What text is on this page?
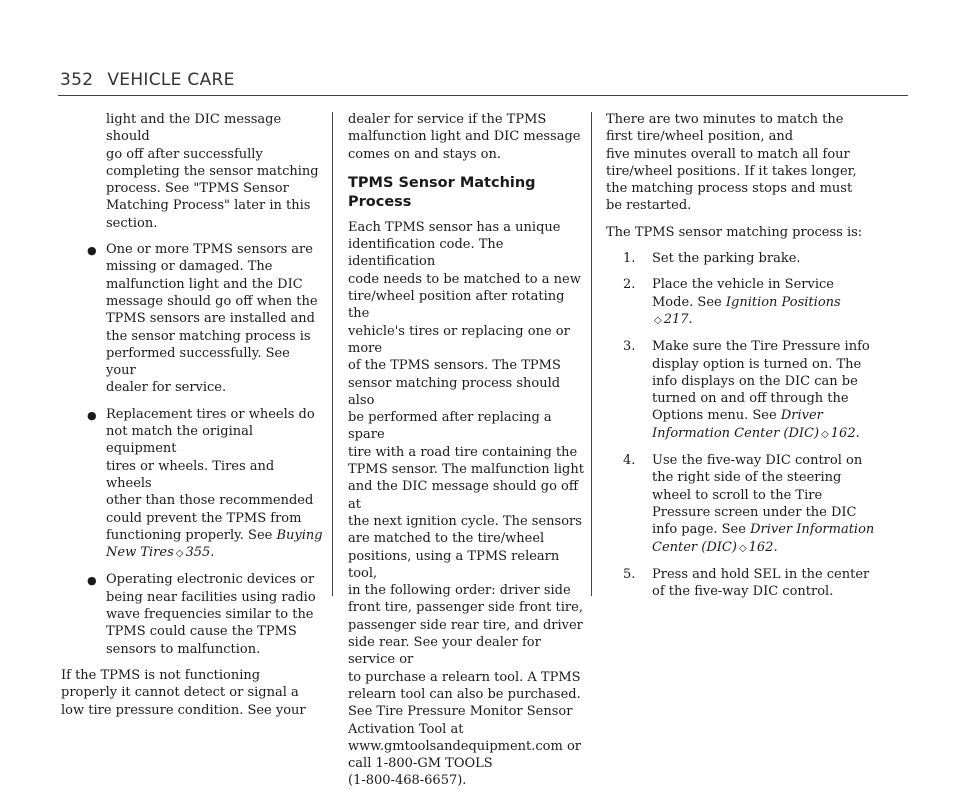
352 VEHICLE CARE

light and the DIC message should
go off after successfully
completing the sensor matching
process. See "TPMS Sensor
Matching Process" later in this
section.

● One or more TPMS sensors are
missing or damaged. The
malfunction light and the DIC
message should go off when the
TPMS sensors are installed and
the sensor matching process is
performed successfully. See your
dealer for service.
● Replacement tires or wheels do
not match the original equipment
tires or wheels. Tires and wheels
other than those recommended
could prevent the TPMS from
functioning properly. See Buying
New Tires ◇ 355.
● Operating electronic devices or
being near facilities using radio
wave frequencies similar to the
TPMS could cause the TPMS
sensors to malfunction.

If the TPMS is not functioning
properly it cannot detect or signal a
low tire pressure condition. See your

dealer for service if the TPMS
malfunction light and DIC message
comes on and stays on.

TPMS Sensor Matching Process

Each TPMS sensor has a unique
identification code. The identification
code needs to be matched to a new
tire/wheel position after rotating the
vehicle's tires or replacing one or more
of the TPMS sensors. The TPMS
sensor matching process should also
be performed after replacing a spare
tire with a road tire containing the
TPMS sensor. The malfunction light
and the DIC message should go off at
the next ignition cycle. The sensors
are matched to the tire/wheel
positions, using a TPMS relearn tool,
in the following order: driver side
front tire, passenger side front tire,
passenger side rear tire, and driver
side rear. See your dealer for service or
to purchase a relearn tool. A TPMS
relearn tool can also be purchased.
See Tire Pressure Monitor Sensor
Activation Tool at
www.gmtoolsandequipment.com or
call 1-800-GM TOOLS
(1-800-468-6657).

There are two minutes to match the
first tire/wheel position, and
five minutes overall to match all four
tire/wheel positions. If it takes longer,
the matching process stops and must
be restarted.

The TPMS sensor matching process is:

1. Set the parking brake.
2. Place the vehicle in Service
Mode. See Ignition Positions
◇ 217.
3. Make sure the Tire Pressure info
display option is turned on. The
info displays on the DIC can be
turned on and off through the
Options menu. See Driver
Information Center (DIC) ◇ 162.
4. Use the five-way DIC control on
the right side of the steering
wheel to scroll to the Tire
Pressure screen under the DIC
info page. See Driver Information
Center (DIC) ◇ 162.
5. Press and hold SEL in the center
of the five-way DIC control.
